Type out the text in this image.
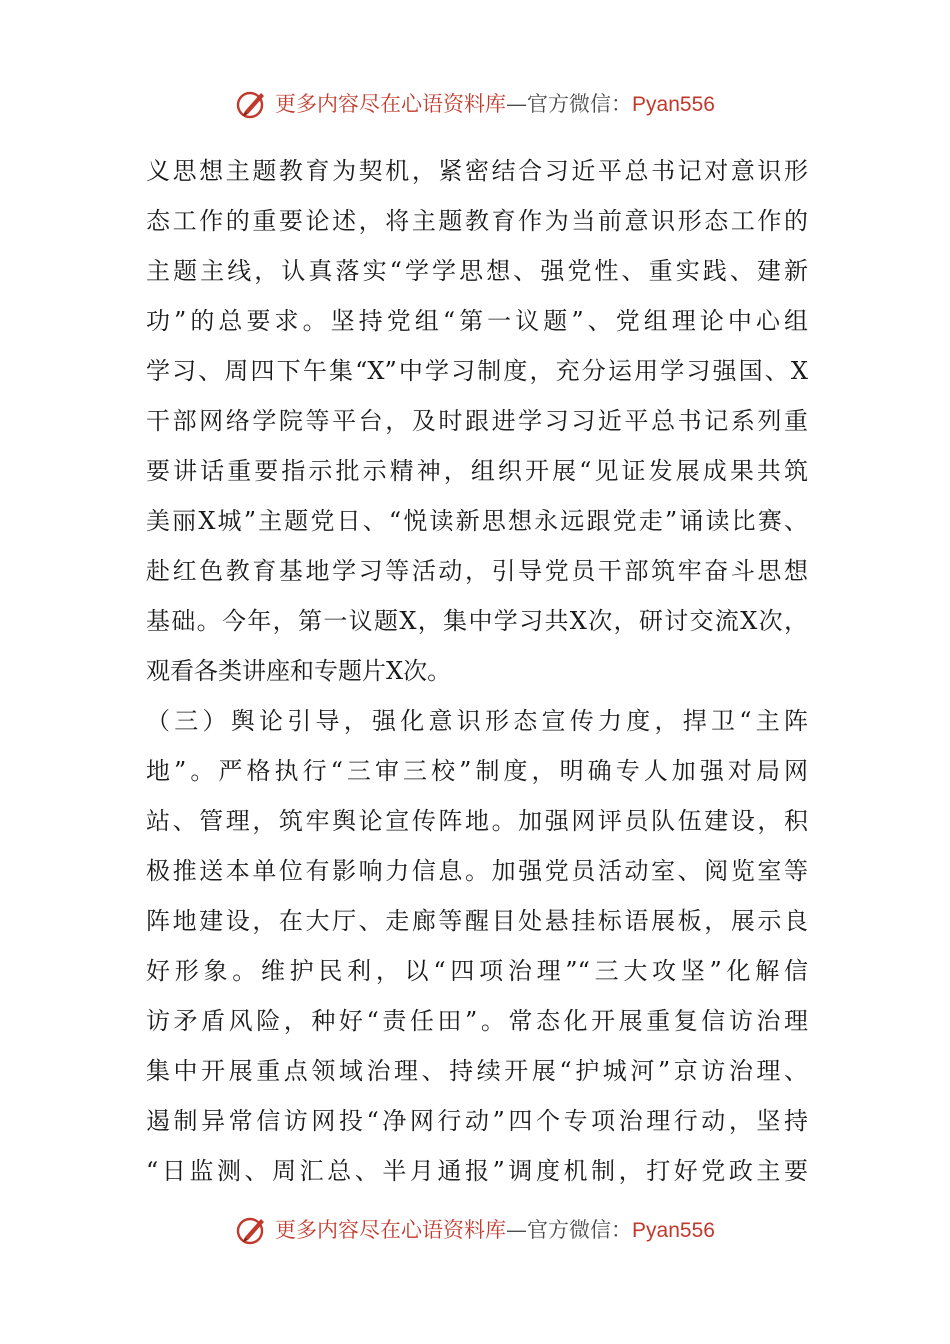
更多内容尽在心语资料库—官方微信：Pyan556
义思想主题教育为契机，紧密结合习近平总书记对意识形
态工作的重要论述，将主题教育作为当前意识形态工作的
主题主线，认真落实“学学思想、强党性、重实践、建新
功”的总要求。坚持党组“第一议题”、党组理论中心组
学习、周四下午集“X”中学习制度，充分运用学习强国、X
干部网络学院等平台，及时跟进学习习近平总书记系列重
要讲话重要指示批示精神，组织开展“见证发展成果共筑
美丽X城”主题党日、“悦读新思想永远跟党走”诵读比赛、
赴红色教育基地学习等活动，引导党员干部筑牢奋斗思想
基础。今年，第一议题X，集中学习共X次，研讨交流X次，
观看各类讲座和专题片X次。
（三）舆论引导，强化意识形态宣传力度，捍卫“主阵
地”。严格执行“三审三校”制度，明确专人加强对局网
站、管理，筑牢舆论宣传阵地。加强网评员队伍建设，积
极推送本单位有影响力信息。加强党员活动室、阅览室等
阵地建设，在大厅、走廊等醒目处悬挂标语展板，展示良
好形象。维护民利，以“四项治理”“三大攻坚”化解信
访矛盾风险，种好“责任田”。常态化开展重复信访治理
集中开展重点领域治理、持续开展“护城河”京访治理、
遏制异常信访网投“净网行动”四个专项治理行动，坚持
“日监测、周汇总、半月通报”调度机制，打好党政主要
更多内容尽在心语资料库—官方微信：Pyan556
